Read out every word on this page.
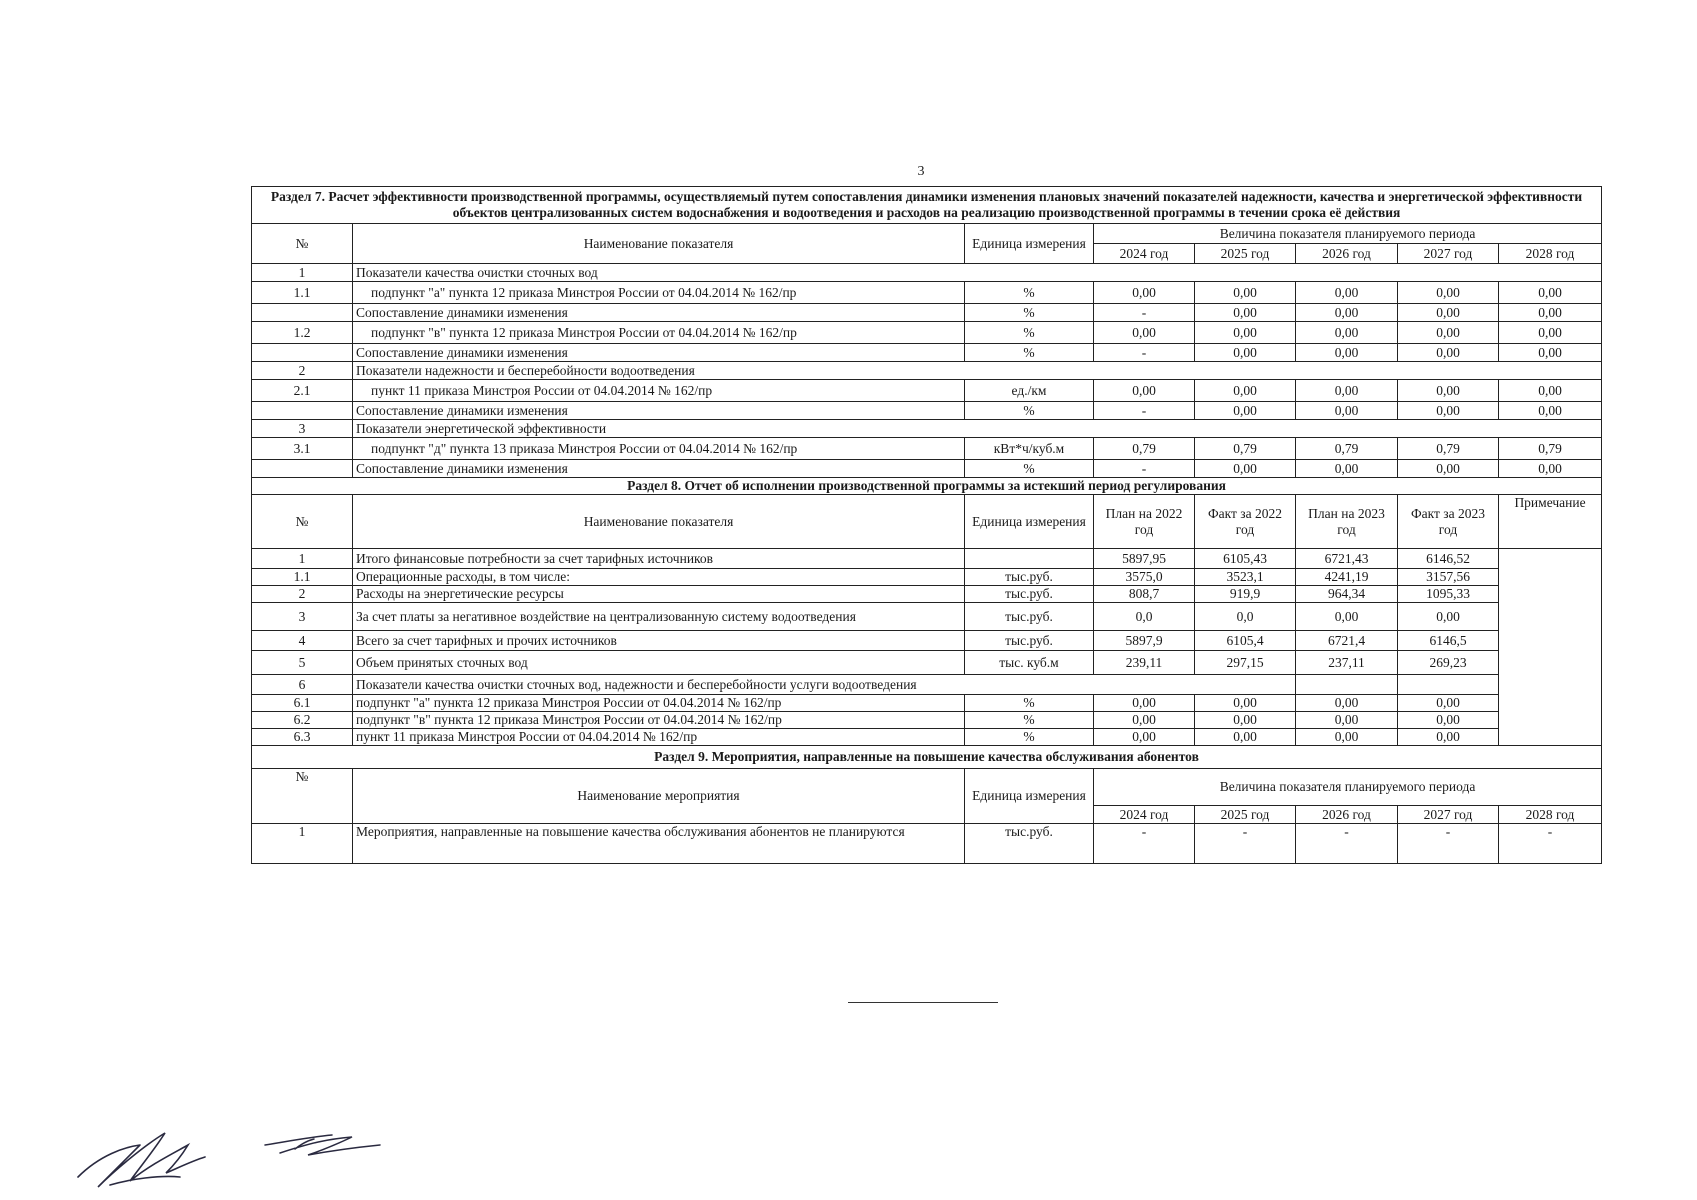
3
Раздел 7. Расчет эффективности производственной программы, осуществляемый путем сопоставления динамики изменения плановых значений показателей надежности, качества и энергетической эффективности объектов централизованных систем водоснабжения и водоотведения и расходов на реализацию производственной программы в течении срока её действия							
№	Наименование показателя	Единица измерения	Величина показателя планируемого периода				
			2024 год	2025 год	2026 год	2027 год	2028 год
1	Показатели качества очистки сточных вод						
1.1	подпункт "а" пункта 12 приказа Минстроя России от 04.04.2014 № 162/пр	%	0,00	0,00	0,00	0,00	0,00
	Сопоставление динамики изменения	%	-	0,00	0,00	0,00	0,00
1.2	подпункт "в" пункта 12 приказа Минстроя России от 04.04.2014 № 162/пр	%	0,00	0,00	0,00	0,00	0,00
	Сопоставление динамики изменения	%	-	0,00	0,00	0,00	0,00
2	Показатели надежности и бесперебойности водоотведения						
2.1	пункт 11 приказа Минстроя России от 04.04.2014 № 162/пр	ед./км	0,00	0,00	0,00	0,00	0,00
	Сопоставление динамики изменения	%	-	0,00	0,00	0,00	0,00
3	Показатели энергетической эффективности						
3.1	подпункт "д" пункта 13 приказа Минстроя России от 04.04.2014 № 162/пр	кВт*ч/куб.м	0,79	0,79	0,79	0,79	0,79
	Сопоставление динамики изменения	%	-	0,00	0,00	0,00	0,00
Раздел 8. Отчет об исполнении производственной программы за истекший период регулирования							
№	Наименование показателя	Единица измерения	План на 2022 год	Факт за 2022 год	План на 2023 год	Факт за 2023 год	Примечание
1	Итого финансовые потребности за счет тарифных источников		5897,95	6105,43	6721,43	6146,52	
1.1	Операционные расходы, в том числе:	тыс.руб.	3575,0	3523,1	4241,19	3157,56	
2	Расходы на энергетические ресурсы	тыс.руб.	808,7	919,9	964,34	1095,33	
3	За счет платы за негативное воздействие на централизованную систему водоотведения	тыс.руб.	0,0	0,0	0,00	0,00	
4	Всего за счет тарифных и прочих источников	тыс.руб.	5897,9	6105,4	6721,4	6146,5	
5	Объем принятых сточных вод	тыс. куб.м	239,11	297,15	237,11	269,23	
6	Показатели качества очистки сточных вод, надежности и бесперебойности услуги водоотведения						
6.1	подпункт "а" пункта 12 приказа Минстроя России от 04.04.2014 № 162/пр	%	0,00	0,00	0,00	0,00	
6.2	подпункт "в" пункта 12 приказа Минстроя России от 04.04.2014 № 162/пр	%	0,00	0,00	0,00	0,00	
6.3	пункт 11 приказа Минстроя России от 04.04.2014 № 162/пр	%	0,00	0,00	0,00	0,00	
Раздел 9. Мероприятия, направленные на повышение качества обслуживания абонентов							
№	Наименование мероприятия	Единица измерения	Величина показателя планируемого периода				
			2024 год	2025 год	2026 год	2027 год	2028 год
1	Мероприятия, направленные на повышение качества обслуживания абонентов не планируются	тыс.руб.	-	-	-	-	-
